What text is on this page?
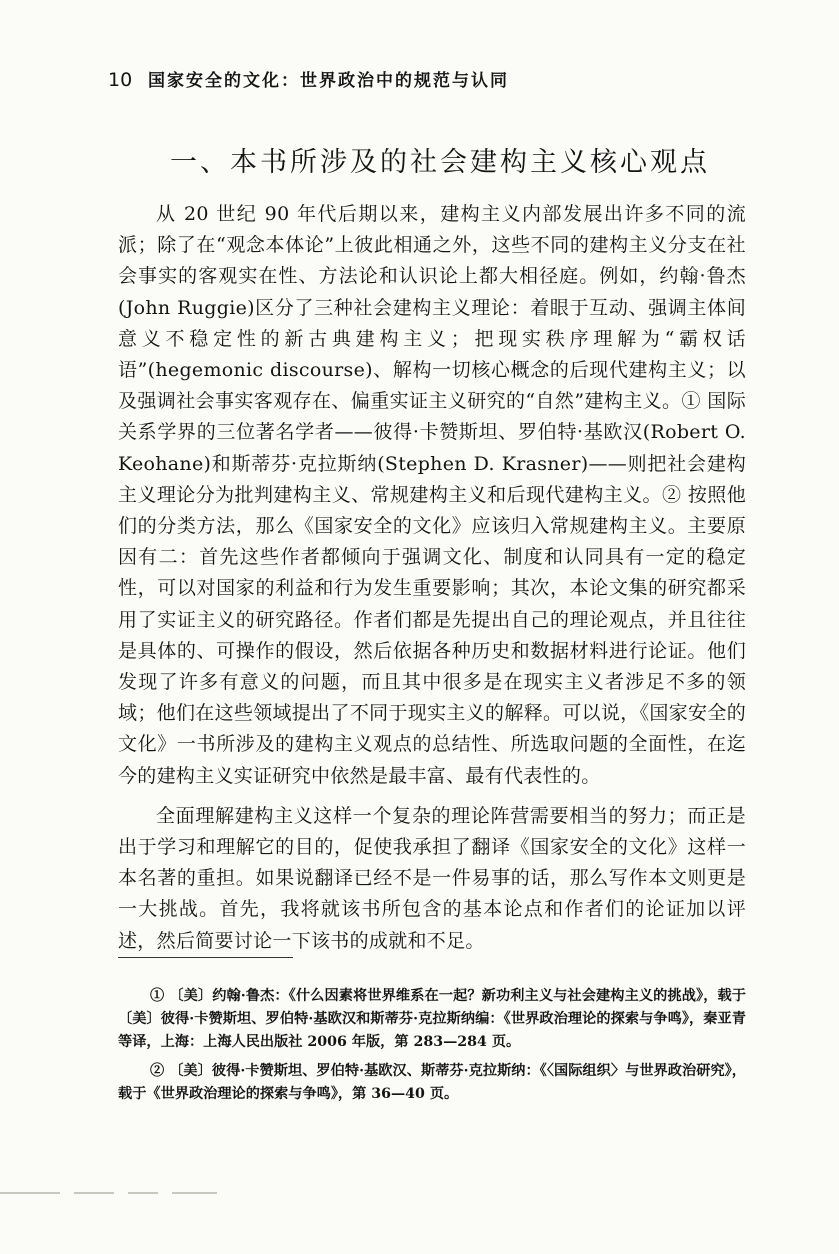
10 国家安全的文化：世界政治中的规范与认同
一、本书所涉及的社会建构主义核心观点

从 20 世纪 90 年代后期以来，建构主义内部发展出许多不同的流派；除了在“观念本体论”上彼此相通之外，这些不同的建构主义分支在社会事实的客观实在性、方法论和认识论上都大相径庭。例如，约翰·鲁杰(John Ruggie)区分了三种社会建构主义理论：着眼于互动、强调主体间意义不稳定性的新古典建构主义；把现实秩序理解为“霸权话语”(hegemonic discourse)、解构一切核心概念的后现代建构主义；以及强调社会事实客观存在、偏重实证主义研究的“自然”建构主义。① 国际关系学界的三位著名学者——彼得·卡赞斯坦、罗伯特·基欧汉(Robert O. Keohane)和斯蒂芬·克拉斯纳(Stephen D. Krasner)——则把社会建构主义理论分为批判建构主义、常规建构主义和后现代建构主义。② 按照他们的分类方法，那么《国家安全的文化》应该归入常规建构主义。主要原因有二：首先这些作者都倾向于强调文化、制度和认同具有一定的稳定性，可以对国家的利益和行为发生重要影响；其次，本论文集的研究都采用了实证主义的研究路径。作者们都是先提出自己的理论观点，并且往往是具体的、可操作的假设，然后依据各种历史和数据材料进行论证。他们发现了许多有意义的问题，而且其中很多是在现实主义者涉足不多的领域；他们在这些领域提出了不同于现实主义的解释。可以说，《国家安全的文化》一书所涉及的建构主义观点的总结性、所选取问题的全面性，在迄今的建构主义实证研究中依然是最丰富、最有代表性的。

全面理解建构主义这样一个复杂的理论阵营需要相当的努力；而正是出于学习和理解它的目的，促使我承担了翻译《国家安全的文化》这样一本名著的重担。如果说翻译已经不是一件易事的话，那么写作本文则更是一大挑战。首先，我将就该书所包含的基本论点和作者们的论证加以评述，然后简要讨论一下该书的成就和不足。

① 〔美〕约翰·鲁杰：《什么因素将世界维系在一起？新功利主义与社会建构主义的挑战》，载于〔美〕彼得·卡赞斯坦、罗伯特·基欧汉和斯蒂芬·克拉斯纳编：《世界政治理论的探索与争鸣》，秦亚青等译，上海：上海人民出版社 2006 年版，第 283—284 页。

② 〔美〕彼得·卡赞斯坦、罗伯特·基欧汉、斯蒂芬·克拉斯纳：《〈国际组织〉与世界政治研究》，载于《世界政治理论的探索与争鸣》，第 36—40 页。
